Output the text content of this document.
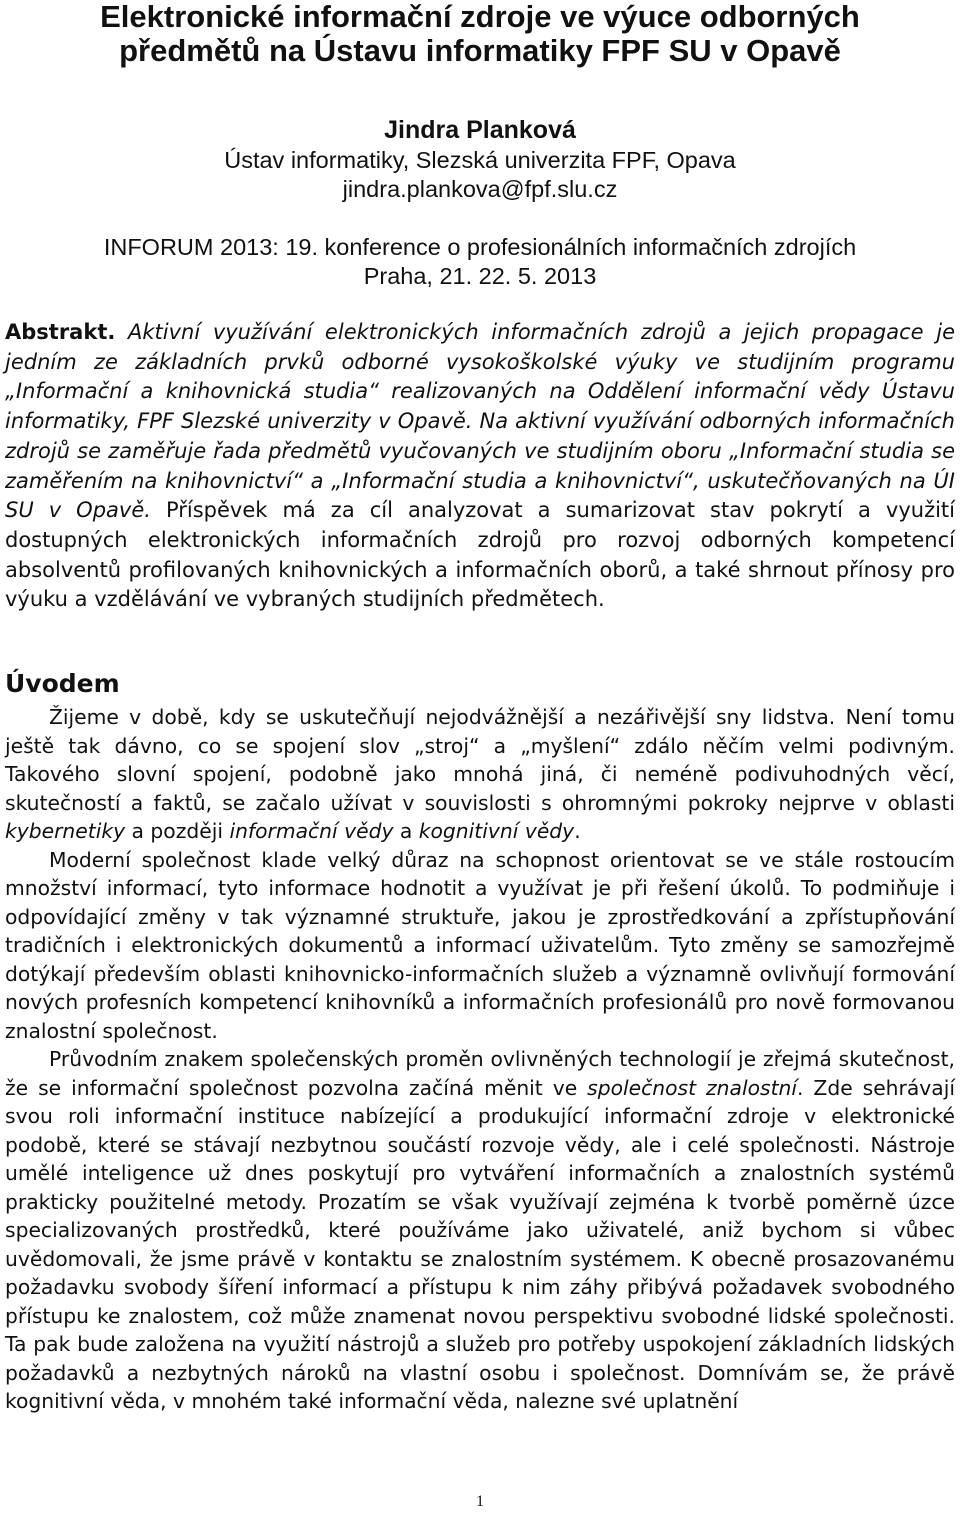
Elektronické informační zdroje ve výuce odborných
předmětů na Ústavu informatiky FPF SU v Opavě
Jindra Planková
Ústav informatiky, Slezská univerzita FPF, Opava
jindra.plankova@fpf.slu.cz
INFORUM 2013: 19. konference o profesionálních informačních zdrojích
Praha, 21. 22. 5. 2013

Abstrakt. Aktivní využívání elektronických informačních zdrojů a jejich propagace je jedním ze základních prvků odborné vysokoškolské výuky ve studijním programu „Informační a knihovnická studia“ realizovaných na Oddělení informační vědy Ústavu informatiky, FPF Slezské univerzity v Opavě. Na aktivní využívání odborných informačních zdrojů se zaměřuje řada předmětů vyučovaných ve studijním oboru „Informační studia se zaměřením na knihovnictví“ a „Informační studia a knihovnictví“, uskutečňovaných na ÚI SU v Opavě. Příspěvek má za cíl analyzovat a sumarizovat stav pokrytí a využití dostupných elektronických informačních zdrojů pro rozvoj odborných kompetencí absolventů profilovaných knihovnických a informačních oborů, a také shrnout přínosy pro výuku a vzdělávání ve vybraných studijních předmětech.

Úvodem

Žijeme v době, kdy se uskutečňují nejodvážnější a nezářivější sny lidstva. Není tomu ještě tak dávno, co se spojení slov „stroj“ a „myšlení“ zdálo něčím velmi podivným. Takového slovní spojení, podobně jako mnohá jiná, či neméně podivuhodných věcí, skutečností a faktů, se začalo užívat v souvislosti s ohromnými pokroky nejprve v oblasti kybernetiky a později informační vědy a kognitivní vědy.

Moderní společnost klade velký důraz na schopnost orientovat se ve stále rostoucím množství informací, tyto informace hodnotit a využívat je při řešení úkolů. To podmiňuje i odpovídající změny v tak významné struktuře, jakou je zprostředkování a zpřístupňování tradičních i elektronických dokumentů a informací uživatelům. Tyto změny se samozřejmě dotýkají především oblasti knihovnicko-informačních služeb a významně ovlivňují formování nových profesních kompetencí knihovníků a informačních profesionálů pro nově formovanou znalostní společnost.

Průvodním znakem společenských proměn ovlivněných technologií je zřejmá skutečnost, že se informační společnost pozvolna začíná měnit ve společnost znalostní. Zde sehrávají svou roli informační instituce nabízející a produkující informační zdroje v elektronické podobě, které se stávají nezbytnou součástí rozvoje vědy, ale i celé společnosti. Nástroje umělé inteligence už dnes poskytují pro vytváření informačních a znalostních systémů prakticky použitelné metody. Prozatím se však využívají zejména k tvorbě poměrně úzce specializovaných prostředků, které používáme jako uživatelé, aniž bychom si vůbec uvědomovali, že jsme právě v kontaktu se znalostním systémem. K obecně prosazovanému požadavku svobody šíření informací a přístupu k nim záhy přibývá požadavek svobodného přístupu ke znalostem, což může znamenat novou perspektivu svobodné lidské společnosti. Ta pak bude založena na využití nástrojů a služeb pro potřeby uspokojení základních lidských požadavků a nezbytných nároků na vlastní osobu i společnost. Domnívám se, že právě kognitivní věda, v mnohém také informační věda, nalezne své uplatnění

1
